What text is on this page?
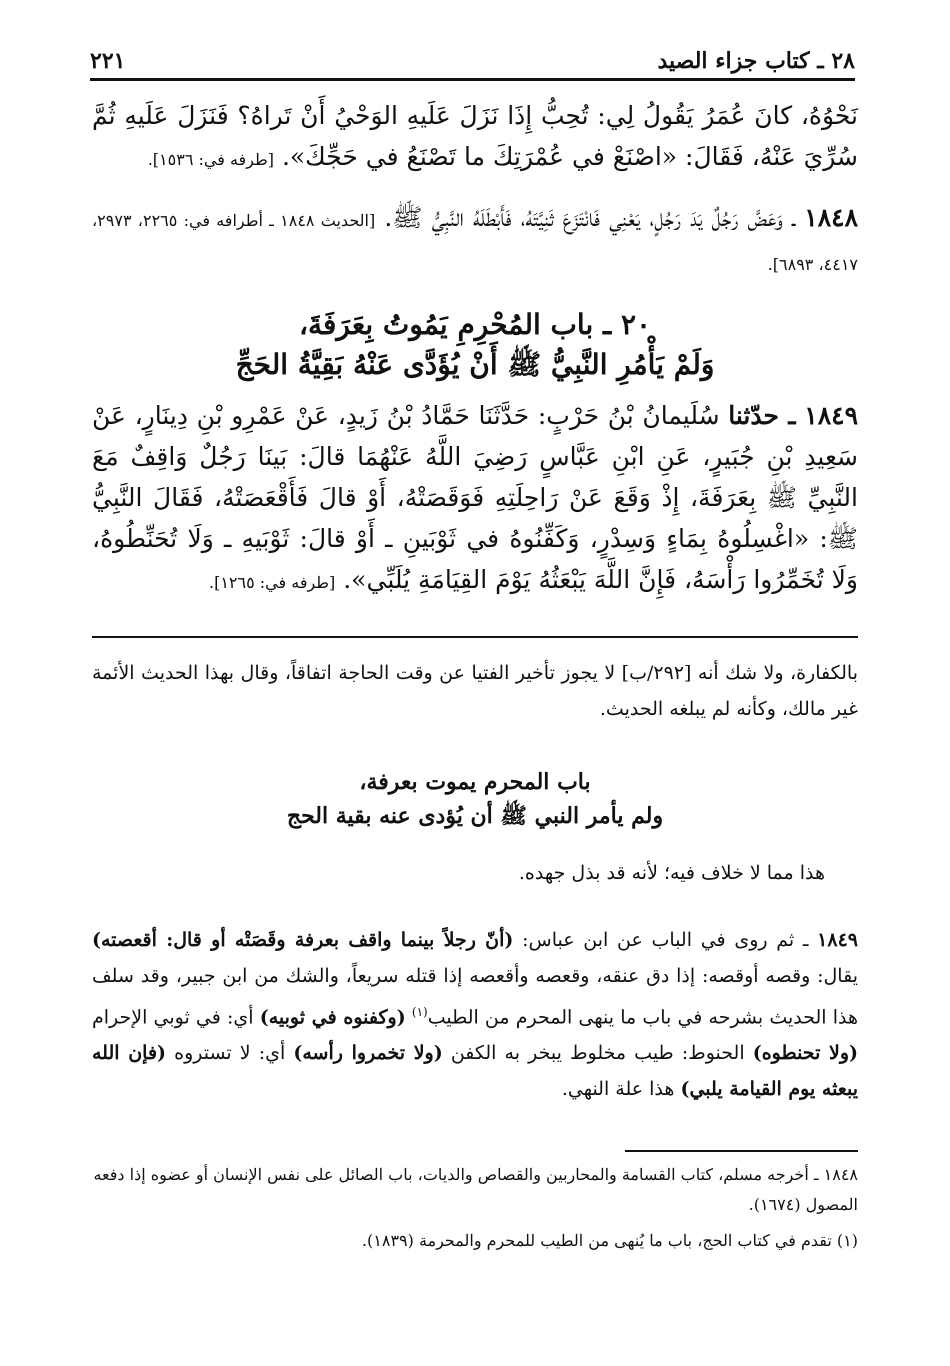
٢٨ ـ كتاب جزاء الصيد
٢٢١
نَحْوُهُ، كانَ عُمَرُ يَقُولُ لِي: تُحِبُّ إِذَا نَزَلَ عَلَيهِ الوَحْيُ أَنْ تَراهُ؟ فَنَزَلَ عَلَيهِ ثُمَّ سُرِّيَ عَنْهُ، فَقَالَ: «اصْنَعْ في عُمْرَتِكَ ما تَصْنَعُ في حَجِّكَ». [طرفه في: ١٥٣٦].
١٨٤٨ ـ وَعَضَّ رَجُلٌ يَدَ رَجُلٍ، يَعْنِي فَانْتَزَعَ ثَنِيَّتَهُ، فَأَبْطَلَهُ النَّبِيُّ ﷺ. [الحديث ١٨٤٨ ـ أطرافه في: ٢٢٦٥، ٢٩٧٣، ٤٤١٧، ٦٨٩٣].
٢٠ ـ باب المُحْرِمِ يَمُوتُ بِعَرَفَةَ،
وَلَمْ يَأْمُرِ النَّبِيُّ ﷺ أَنْ يُؤَدَّى عَنْهُ بَقِيَّةُ الحَجِّ
١٨٤٩ ـ حدّثنا سُلَيمانُ بْنُ حَرْبٍ: حَدَّثَنَا حَمَّادُ بْنُ زَيدٍ، عَنْ عَمْرِو بْنِ دِينَارٍ، عَنْ سَعِيدِ بْنِ جُبَيرٍ، عَنِ ابْنِ عَبَّاسٍ رَضِيَ اللَّهُ عَنْهُمَا قالَ: بَينَا رَجُلٌ وَاقِفٌ مَعَ النَّبِيِّ ﷺ بِعَرَفَةَ، إِذْ وَقَعَ عَنْ رَاحِلَتِهِ فَوَقَصَتْهُ، أَوْ قالَ فَأَقْعَصَتْهُ، فَقَالَ النَّبِيُّ ﷺ: «اغْسِلُوهُ بِمَاءٍ وَسِدْرٍ، وَكَفِّنُوهُ في ثَوْبَينِ ـ أَوْ قالَ: ثَوْبَيهِ ـ وَلَا تُحَنِّطُوهُ، وَلَا تُخَمِّرُوا رَأْسَهُ، فَإِنَّ اللَّهَ يَبْعَثُهُ يَوْمَ القِيَامَةِ يُلَبِّي». [طرفه في: ١٢٦٥].
بالكفارة، ولا شك أنه [٢٩٢/ب] لا يجوز تأخير الفتيا عن وقت الحاجة اتفاقاً، وقال بهذا الحديث الأئمة غير مالك، وكأنه لم يبلغه الحديث.
باب المحرم يموت بعرفة،
ولم يأمر النبي ﷺ أن يُؤدى عنه بقية الحج
هذا مما لا خلاف فيه؛ لأنه قد بذل جهده.
١٨٤٩ ـ ثم روى في الباب عن ابن عباس: (أنّ رجلاً بينما واقف بعرفة وقَصَتْه أو قال: أقعصته) يقال: وقصه أوقصه: إذا دق عنقه، وقعصه وأقعصه إذا قتله سريعاً، والشك من ابن جبير، وقد سلف هذا الحديث بشرحه في باب ما ينهى المحرم من الطيب$^{(١)}$ (وكفنوه في ثوبيه) أي: في ثوبي الإحرام (ولا تحنطوه) الحنوط: طيب مخلوط يبخر به الكفن (ولا تخمروا رأسه) أي: لا تستروه (فإن الله يبعثه يوم القيامة يلبي) هذا علة النهي.
١٨٤٨ ـ أخرجه مسلم، كتاب القسامة والمحاربين والقصاص والديات، باب الصائل على نفس الإنسان أو عضوه إذا دفعه المصول (١٦٧٤).
(١) تقدم في كتاب الحج، باب ما يُنهى من الطيب للمحرم والمحرمة (١٨٣٩).
